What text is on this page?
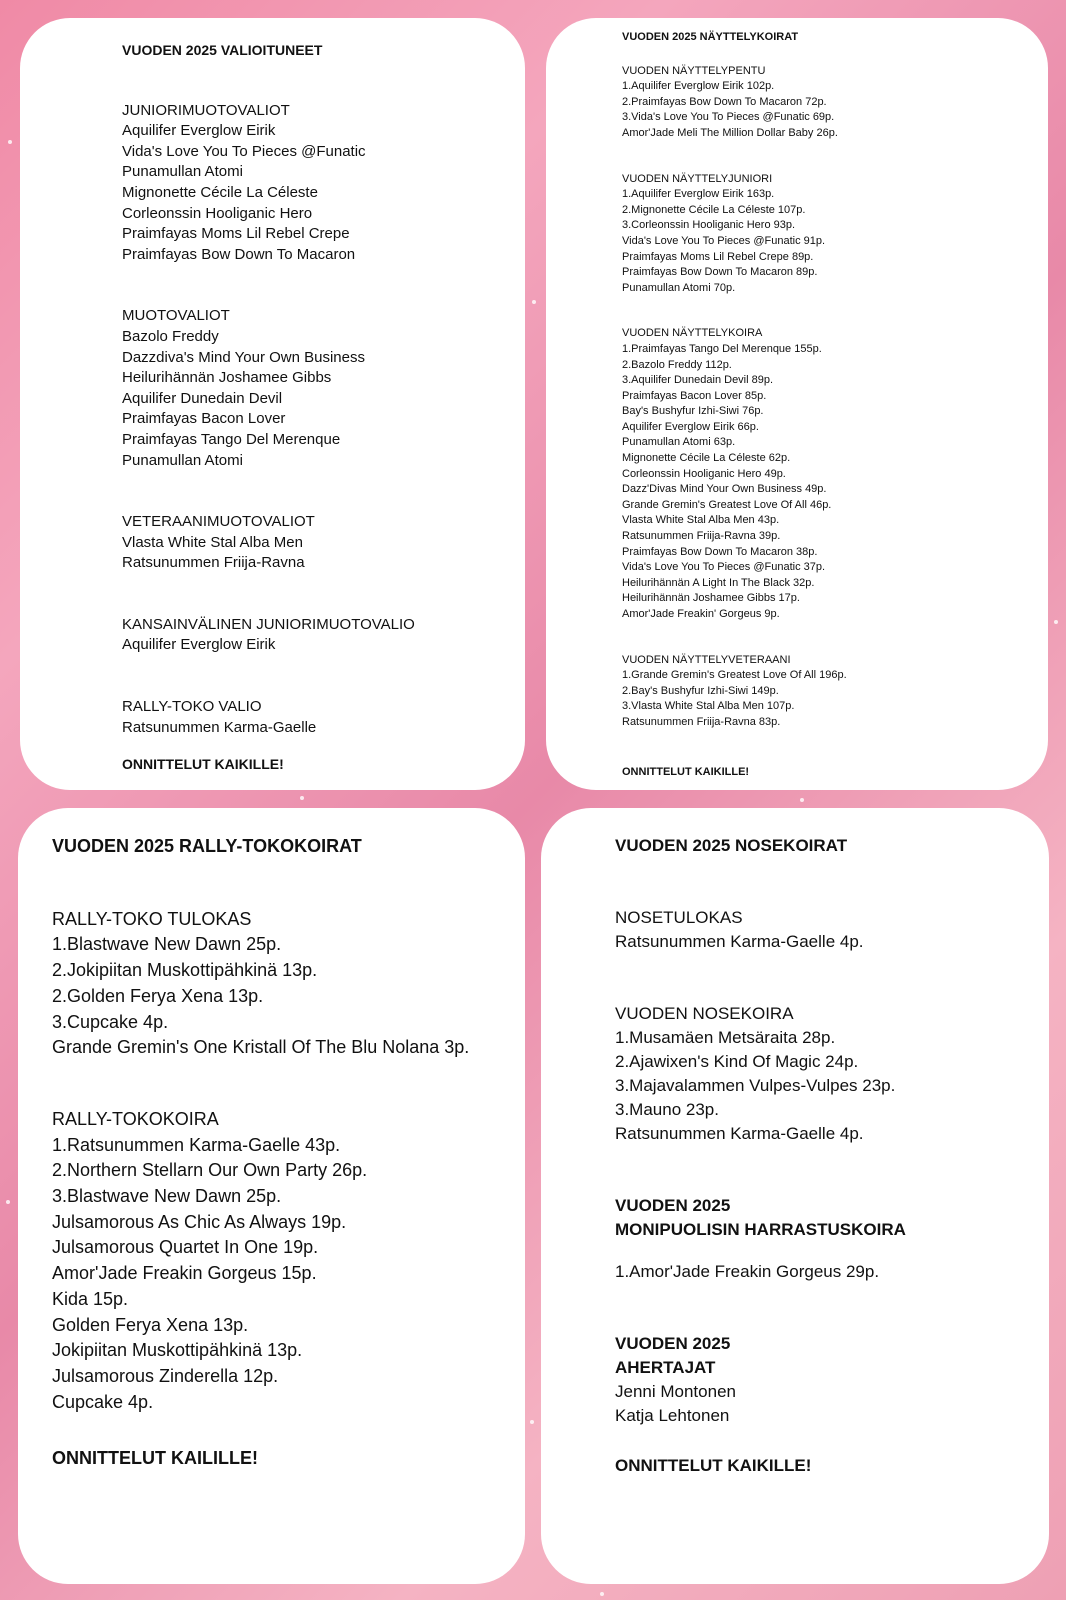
VUODEN 2025 VALIOITUNEET
JUNIORIMUOTOVALIOT
Aquilifer Everglow Eirik
Vida's Love You To Pieces @Funatic
Punamullan Atomi
Mignonette Cécile La Céleste
Corleonssin Hooliganic Hero
Praimfayas Moms Lil Rebel Crepe
Praimfayas Bow Down To Macaron
MUOTOVALIOT
Bazolo Freddy
Dazzdiva's Mind Your Own Business
Heilurihännän Joshamee Gibbs
Aquilifer Dunedain Devil
Praimfayas Bacon Lover
Praimfayas Tango Del Merenque
Punamullan Atomi
VETERAANIMUOTOVALIOT
Vlasta White Stal Alba Men
Ratsunummen Friija-Ravna
KANSAINVÄLINEN JUNIORIMUOTOVALIO
Aquilifer Everglow Eirik
RALLY-TOKO VALIO
Ratsunummen Karma-Gaelle
ONNITTELUT KAIKILLE!
VUODEN 2025 NÄYTTELYKOIRAT
VUODEN NÄYTTELYPENTU
1.Aquilifer Everglow Eirik 102p.
2.Praimfayas Bow Down To Macaron 72p.
3.Vida's Love You To Pieces @Funatic 69p.
Amor'Jade Meli The Million Dollar Baby 26p.
VUODEN NÄYTTELYJUNIORI
1.Aquilifer Everglow Eirik 163p.
2.Mignonette Cécile La Céleste 107p.
3.Corleonssin Hooliganic Hero 93p.
Vida's Love You To Pieces @Funatic 91p.
Praimfayas Moms Lil Rebel Crepe 89p.
Praimfayas Bow Down To Macaron 89p.
Punamullan Atomi 70p.
VUODEN NÄYTTELYKOIRA
1.Praimfayas Tango Del Merenque 155p.
2.Bazolo Freddy 112p.
3.Aquilifer Dunedain Devil 89p.
Praimfayas Bacon Lover 85p.
Bay's Bushyfur Izhi-Siwi 76p.
Aquilifer Everglow Eirik 66p.
Punamullan Atomi 63p.
Mignonette Cécile La Céleste 62p.
Corleonssin Hooliganic Hero 49p.
Dazz'Divas Mind Your Own Business 49p.
Grande Gremin's Greatest Love Of All 46p.
Vlasta White Stal Alba Men 43p.
Ratsunummen Friija-Ravna 39p.
Praimfayas Bow Down To Macaron 38p.
Vida's Love You To Pieces @Funatic 37p.
Heilurihännän A Light In The Black 32p.
Heilurihännän Joshamee Gibbs 17p.
Amor'Jade Freakin' Gorgeus 9p.
VUODEN NÄYTTELYVETERAANI
1.Grande Gremin's Greatest Love Of All 196p.
2.Bay's Bushyfur Izhi-Siwi 149p.
3.Vlasta White Stal Alba Men 107p.
Ratsunummen Friija-Ravna 83p.
ONNITTELUT KAIKILLE!
VUODEN 2025 RALLY-TOKOKOIRAT
RALLY-TOKO TULOKAS
1.Blastwave New Dawn 25p.
2.Jokipiitan Muskottipähkinä 13p.
2.Golden Ferya Xena 13p.
3.Cupcake 4p.
Grande Gremin's One Kristall Of The Blu Nolana 3p.
RALLY-TOKOKOIRA
1.Ratsunummen Karma-Gaelle 43p.
2.Northern Stellarn Our Own Party 26p.
3.Blastwave New Dawn 25p.
Julsamorous As Chic As Always 19p.
Julsamorous Quartet In One 19p.
Amor'Jade Freakin Gorgeus 15p.
Kida 15p.
Golden Ferya Xena 13p.
Jokipiitan Muskottipähkinä 13p.
Julsamorous Zinderella 12p.
Cupcake 4p.
ONNITTELUT KAILILLE!
VUODEN 2025 NOSEKOIRAT
NOSETULOKAS
Ratsunummen Karma-Gaelle 4p.
VUODEN NOSEKOIRA
1.Musamäen Metsäraita 28p.
2.Ajawixen's Kind Of Magic 24p.
3.Majavalammen Vulpes-Vulpes 23p.
3.Mauno 23p.
Ratsunummen Karma-Gaelle 4p.
VUODEN 2025
MONIPUOLISIN HARRASTUSKOIRA
1.Amor'Jade Freakin Gorgeus 29p.
VUODEN 2025
AHERTAJAT
Jenni Montonen
Katja Lehtonen
ONNITTELUT KAIKILLE!
